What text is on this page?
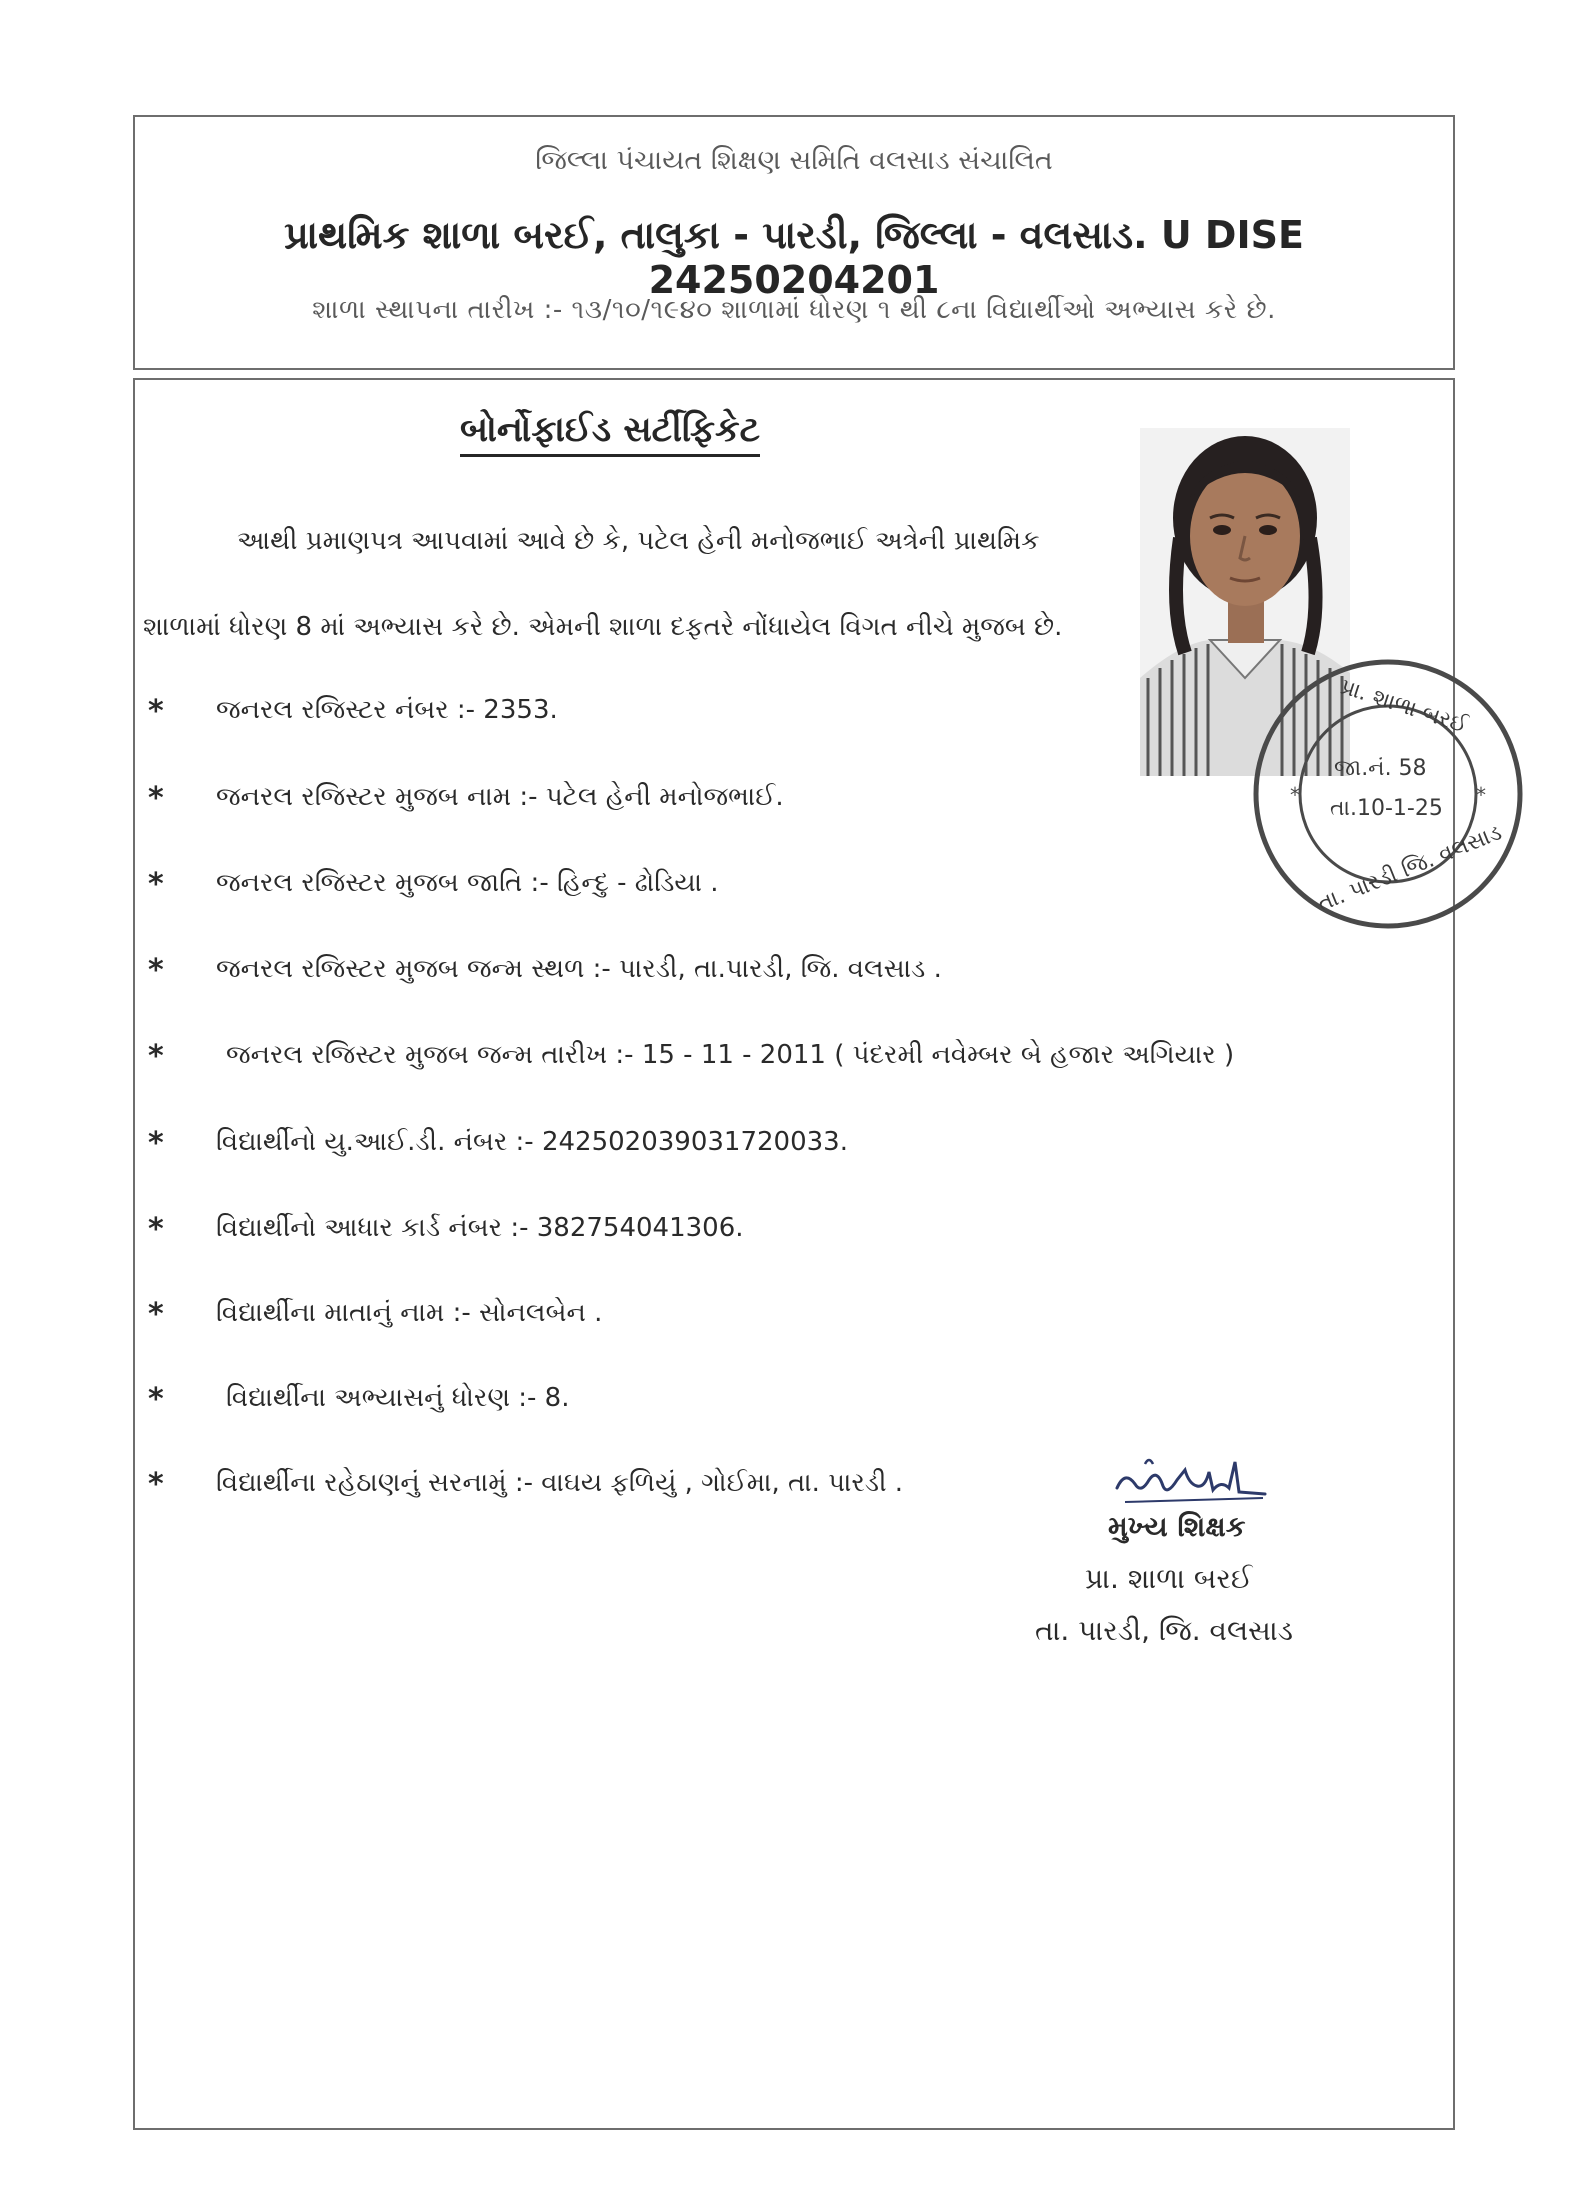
જિલ્લા પંચાયત શિક્ષણ સમિતિ વલસાડ સંચાલિત
પ્રાથમિક શાળા બરઈ, તાલુકા - પારડી, જિલ્લા - વલસાડ. U DISE 24250204201
શાળા સ્થાપના તારીખ :- ૧૩/૧૦/૧૯૪૦ શાળામાં ધોરણ ૧ થી ૮ના વિદ્યાર્થીઓ અભ્યાસ કરે છે.
બોર્નોફાઈડ સર્ટીફિકેટ
આથી પ્રમાણપત્ર આપવામાં આવે છે કે, પટેલ હેની મનોજભાઈ અત્રેની પ્રાથમિક
શાળામાં ધોરણ 8 માં અભ્યાસ કરે છે. એમની શાળા દફતરે નોંધાયેલ વિગત નીચે મુજબ છે.
* જનરલ રજિસ્ટર નંબર :- 2353.
* જનરલ રજિસ્ટર મુજબ નામ :- પટેલ હેની મનોજભાઈ.
* જનરલ રજિસ્ટર મુજબ જાતિ :- હિન્દુ - ઢોડિયા .
* જનરલ રજિસ્ટર મુજબ જન્મ સ્થળ :- પારડી, તા.પારડી, જિ. વલસાડ .
* જનરલ રજિસ્ટર મુજબ જન્મ તારીખ :- 15 - 11 - 2011 ( પંદરમી નવેમ્બર બે હજાર અગિયાર )
* વિદ્યાર્થીનો યુ.આઈ.ડી. નંબર :- 242502039031720033.
* વિદ્યાર્થીનો આધાર કાર્ડ નંબર :- 382754041306.
* વિદ્યાર્થીના માતાનું નામ :- સોનલબેન .
* વિદ્યાર્થીના અભ્યાસનું ધોરણ :- 8.
* વિદ્યાર્થીના રહેઠાણનું સરનામું :- વાઘય ફળિયું , ગોઈમા, તા. પારડી .
*	*
પ્રા. શાળા બરઈ
તા. પારડી જિ. વલસાડ
જા.નં. 58
તા.10-1-25
મુખ્ય શિક્ષક
પ્રા. શાળા બરઈ
તા. પારડી, જિ. વલસાડ
